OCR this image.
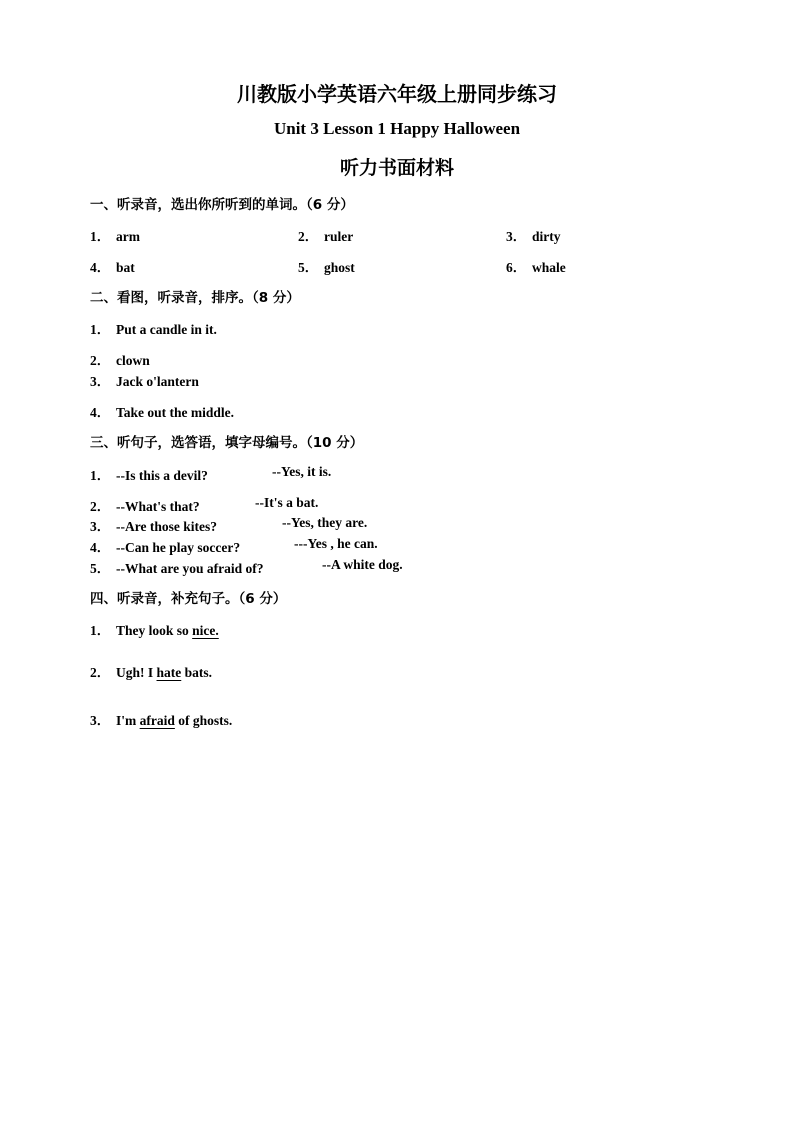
川教版小学英语六年级上册同步练习
Unit 3 Lesson 1 Happy Halloween
听力书面材料
一、听录音，选出你所听到的单词。（6 分）
1． arm	2． ruler	3． dirty
4． bat	5． ghost	6． whale
二、看图，听录音，排序。（8 分）
1． Put a candle in it.
2． clown
3． Jack o'lantern
4． Take out the middle.
三、听句子，选答语，填字母编号。（10 分）
1． --Is this a devil?	--Yes, it is.
2． --What's that?	--It's a bat.
3． --Are those kites?	--Yes, they are.
4． --Can he play soccer?	---Yes , he can.
5． --What are you afraid of?	--A white dog.
四、听录音，补充句子。（6 分）
1． They look so nice.
2． Ugh! I hate bats.
3． I'm afraid of ghosts.
